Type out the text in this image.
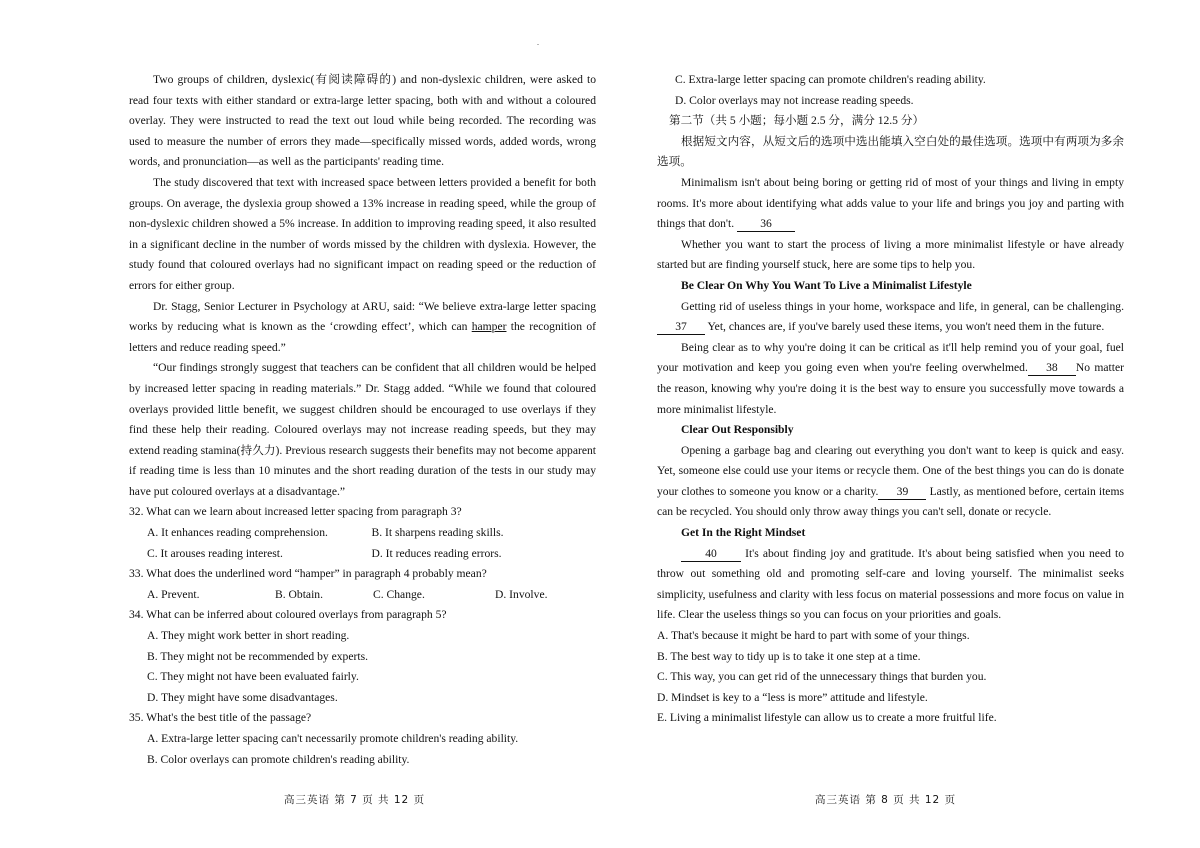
.

Two groups of children, dyslexic(有阅读障碍的) and non-dyslexic children, were asked to read four texts with either standard or extra-large letter spacing, both with and without a coloured overlay. They were instructed to read the text out loud while being recorded. The recording was used to measure the number of errors they made—specifically missed words, added words, wrong words, and pronunciation—as well as the participants' reading time.

The study discovered that text with increased space between letters provided a benefit for both groups. On average, the dyslexia group showed a 13% increase in reading speed, while the group of non-dyslexic children showed a 5% increase. In addition to improving reading speed, it also resulted in a significant decline in the number of words missed by the children with dyslexia. However, the study found that coloured overlays had no significant impact on reading speed or the reduction of errors for either group.

Dr. Stagg, Senior Lecturer in Psychology at ARU, said: “We believe extra-large letter spacing works by reducing what is known as the ‘crowding effect’, which can hamper the recognition of letters and reduce reading speed.”

“Our findings strongly suggest that teachers can be confident that all children would be helped by increased letter spacing in reading materials.” Dr. Stagg added. “While we found that coloured overlays provided little benefit, we suggest children should be encouraged to use overlays if they find these help their reading. Coloured overlays may not increase reading speeds, but they may extend reading stamina(持久力). Previous research suggests their benefits may not become apparent if reading time is less than 10 minutes and the short reading duration of the tests in our study may have put coloured overlays at a disadvantage.”

32. What can we learn about increased letter spacing from paragraph 3?

A. It enhances reading comprehension.	B. It sharpens reading skills.
C. It arouses reading interest.	D. It reduces reading errors.

33. What does the underlined word “hamper” in paragraph 4 probably mean?

A. Prevent.	B. Obtain.	C. Change.	D. Involve.

34. What can be inferred about coloured overlays from paragraph 5?

A. They might work better in short reading.
B. They might not be recommended by experts.
C. They might not have been evaluated fairly.
D. They might have some disadvantages.

35. What's the best title of the passage?

A. Extra-large letter spacing can't necessarily promote children's reading ability.
B. Color overlays can promote children's reading ability.
C. Extra-large letter spacing can promote children's reading ability.
D. Color overlays may not increase reading speeds.

第二节（共 5 小题；每小题 2.5 分，满分 12.5 分）

根据短文内容，从短文后的选项中选出能填入空白处的最佳选项。选项中有两项为多余选项。

Minimalism isn't about being boring or getting rid of most of your things and living in empty rooms. It's more about identifying what adds value to your life and brings you joy and parting with things that don't. 36

Whether you want to start the process of living a more minimalist lifestyle or have already started but are finding yourself stuck, here are some tips to help you.

Be Clear On Why You Want To Live a Minimalist Lifestyle

Getting rid of useless things in your home, workspace and life, in general, can be challenging. 37 Yet, chances are, if you've barely used these items, you won't need them in the future.

Being clear as to why you're doing it can be critical as it'll help remind you of your goal, fuel your motivation and keep you going even when you're feeling overwhelmed. 38 No matter the reason, knowing why you're doing it is the best way to ensure you successfully move towards a more minimalist lifestyle.

Clear Out Responsibly

Opening a garbage bag and clearing out everything you don't want to keep is quick and easy. Yet, someone else could use your items or recycle them. One of the best things you can do is donate your clothes to someone you know or a charity. 39 Lastly, as mentioned before, certain items can be recycled. You should only throw away things you can't sell, donate or recycle.

Get In the Right Mindset

40 It's about finding joy and gratitude. It's about being satisfied when you need to throw out something old and promoting self-care and loving yourself. The minimalist seeks simplicity, usefulness and clarity with less focus on material possessions and more focus on value in life. Clear the useless things so you can focus on your priorities and goals.

A. That's because it might be hard to part with some of your things.

B. The best way to tidy up is to take it one step at a time.

C. This way, you can get rid of the unnecessary things that burden you.

D. Mindset is key to a “less is more” attitude and lifestyle.

E. Living a minimalist lifestyle can allow us to create a more fruitful life.

高三英语 第 7 页 共 12 页	高三英语 第 8 页 共 12 页
